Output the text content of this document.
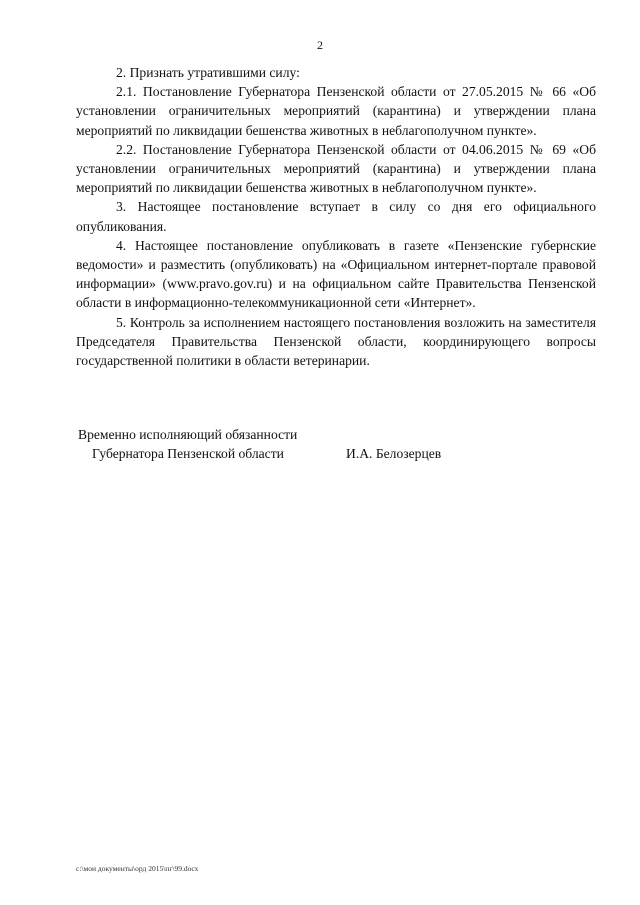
2

2. Признать утратившими силу:

2.1. Постановление Губернатора Пензенской области от 27.05.2015 № 66 «Об установлении ограничительных мероприятий (карантина) и утверждении плана мероприятий по ликвидации бешенства животных в неблагополучном пункте».

2.2. Постановление Губернатора Пензенской области от 04.06.2015 № 69 «Об установлении ограничительных мероприятий (карантина) и утверждении плана мероприятий по ликвидации бешенства животных в неблагополучном пункте».

3. Настоящее постановление вступает в силу со дня его официального опубликования.

4. Настоящее постановление опубликовать в газете «Пензенские губернские ведомости» и разместить (опубликовать) на «Официальном интернет-портале правовой информации» (www.pravo.gov.ru) и на официальном сайте Правительства Пензенской области в информационно-телекоммуникационной сети «Интернет».

5. Контроль за исполнением настоящего постановления возложить на заместителя Председателя Правительства Пензенской области, координирующего вопросы государственной политики в области ветеринарии.

Временно исполняющий обязанности
Губернатора Пензенской области	И.А. Белозерцев
c:\мои документы\орд 2015\пг\99.docx
